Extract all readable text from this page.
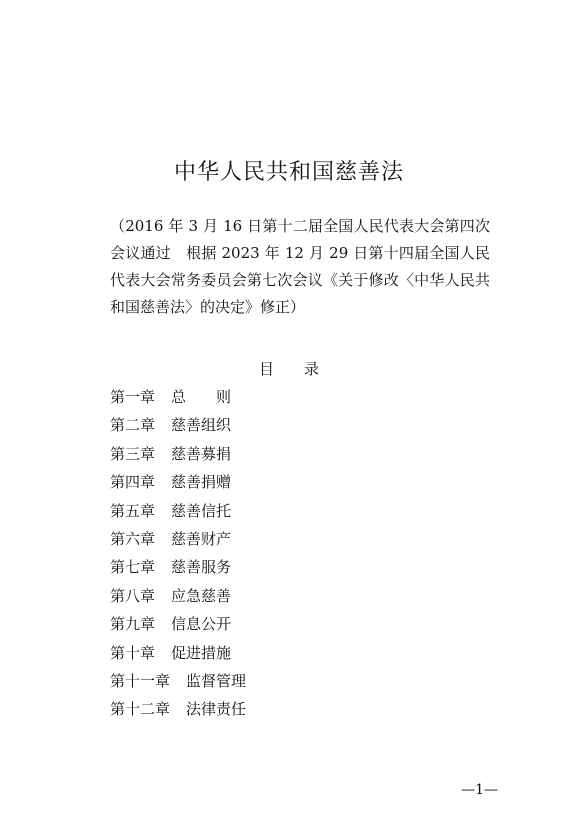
中华人民共和国慈善法
（2016 年 3 月 16 日第十二届全国人民代表大会第四次会议通过　根据 2023 年 12 月 29 日第十四届全国人民代表大会常务委员会第七次会议《关于修改〈中华人民共和国慈善法〉的决定》修正）
目　　录
第一章 总　　则
第二章 慈善组织
第三章 慈善募捐
第四章 慈善捐赠
第五章 慈善信托
第六章 慈善财产
第七章 慈善服务
第八章 应急慈善
第九章 信息公开
第十章 促进措施
第十一章 监督管理
第十二章 法律责任
—1—
